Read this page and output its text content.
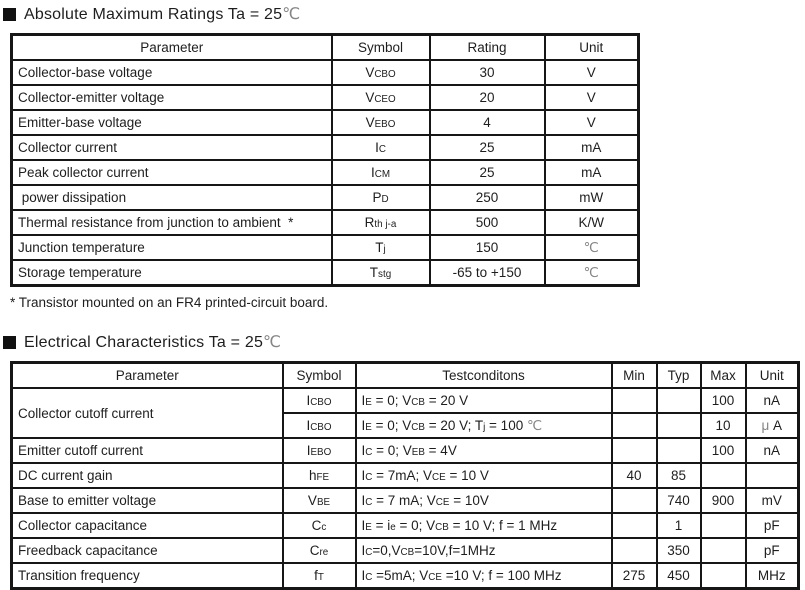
Absolute Maximum Ratings Ta = 25℃
Parameter	Symbol	Rating	Unit
Collector-base voltage	VCBO	30	V
Collector-emitter voltage	VCEO	20	V
Emitter-base voltage	VEBO	4	V
Collector current	IC	25	mA
Peak collector current	ICM	25	mA
power dissipation	PD	250	mW
Thermal resistance from junction to ambient  *	Rth j-a	500	K/W
Junction temperature	Tj	150	℃
Storage temperature	Tstg	-65 to +150	℃
* Transistor mounted on an FR4 printed-circuit board.
Electrical Characteristics Ta = 25℃
Parameter	Symbol	Testconditons	Min	Typ	Max	Unit
Collector cutoff current	ICBO	IE = 0; VCB = 20 V			100	nA
	ICBO	IE = 0; VCB = 20 V; Tj = 100 ℃			10	μ A
Emitter cutoff current	IEBO	IC = 0; VEB = 4V			100	nA
DC current gain	hFE	IC = 7mA; VCE = 10 V	40	85		
Base to emitter voltage	VBE	IC = 7 mA; VCE = 10V		740	900	mV
Collector capacitance	Cc	IE = ie = 0; VCB = 10 V; f = 1 MHz		1		pF
Freedback capacitance	Cre	IC=0,VCB=10V,f=1MHz		350		pF
Transition frequency	fT	IC =5mA; VCE =10 V; f = 100 MHz	275	450		MHz
